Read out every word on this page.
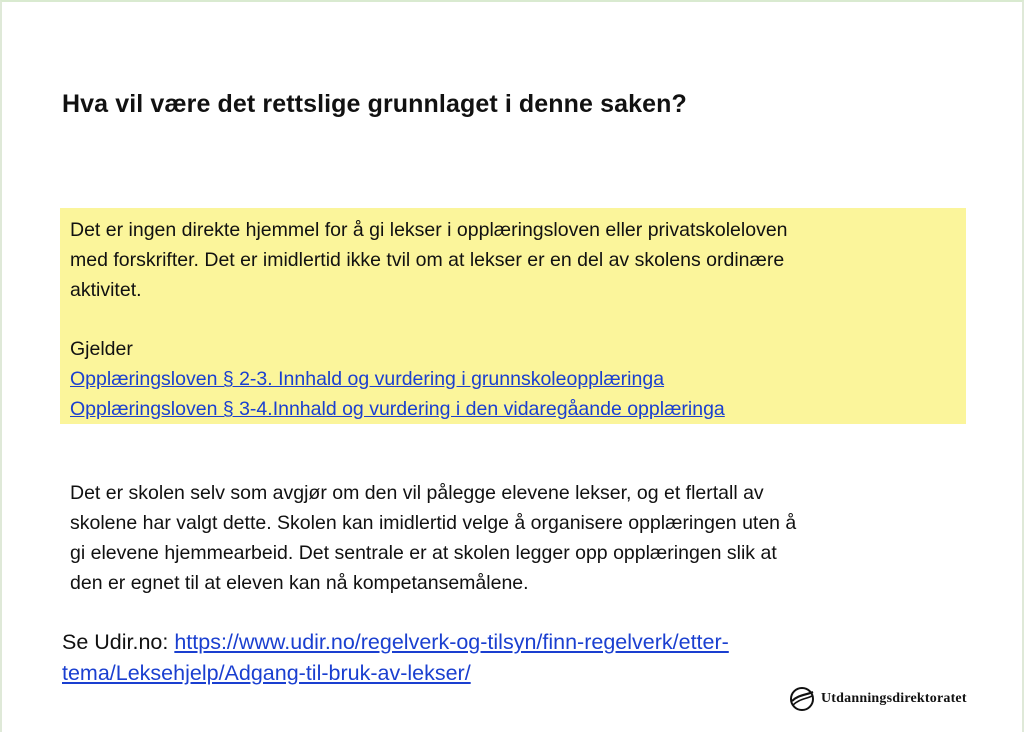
Hva vil være det rettslige grunnlaget i denne saken?

Det er ingen direkte hjemmel for å gi lekser i opplæringsloven eller privatskoleloven
med forskrifter. Det er imidlertid ikke tvil om at lekser er en del av skolens ordinære
aktivitet.

Gjelder

Opplæringsloven § 2-3. Innhald og vurdering i grunnskoleopplæringa
Opplæringsloven § 3-4.Innhald og vurdering i den vidaregåande opplæringa

Det er skolen selv som avgjør om den vil pålegge elevene lekser, og et flertall av
skolene har valgt dette. Skolen kan imidlertid velge å organisere opplæringen uten å
gi elevene hjemmearbeid. Det sentrale er at skolen legger opp opplæringen slik at
den er egnet til at eleven kan nå kompetansemålene.

Se Udir.no: https://www.udir.no/regelverk-og-tilsyn/finn-regelverk/etter-
tema/Leksehjelp/Adgang-til-bruk-av-lekser/

Utdanningsdirektoratet
